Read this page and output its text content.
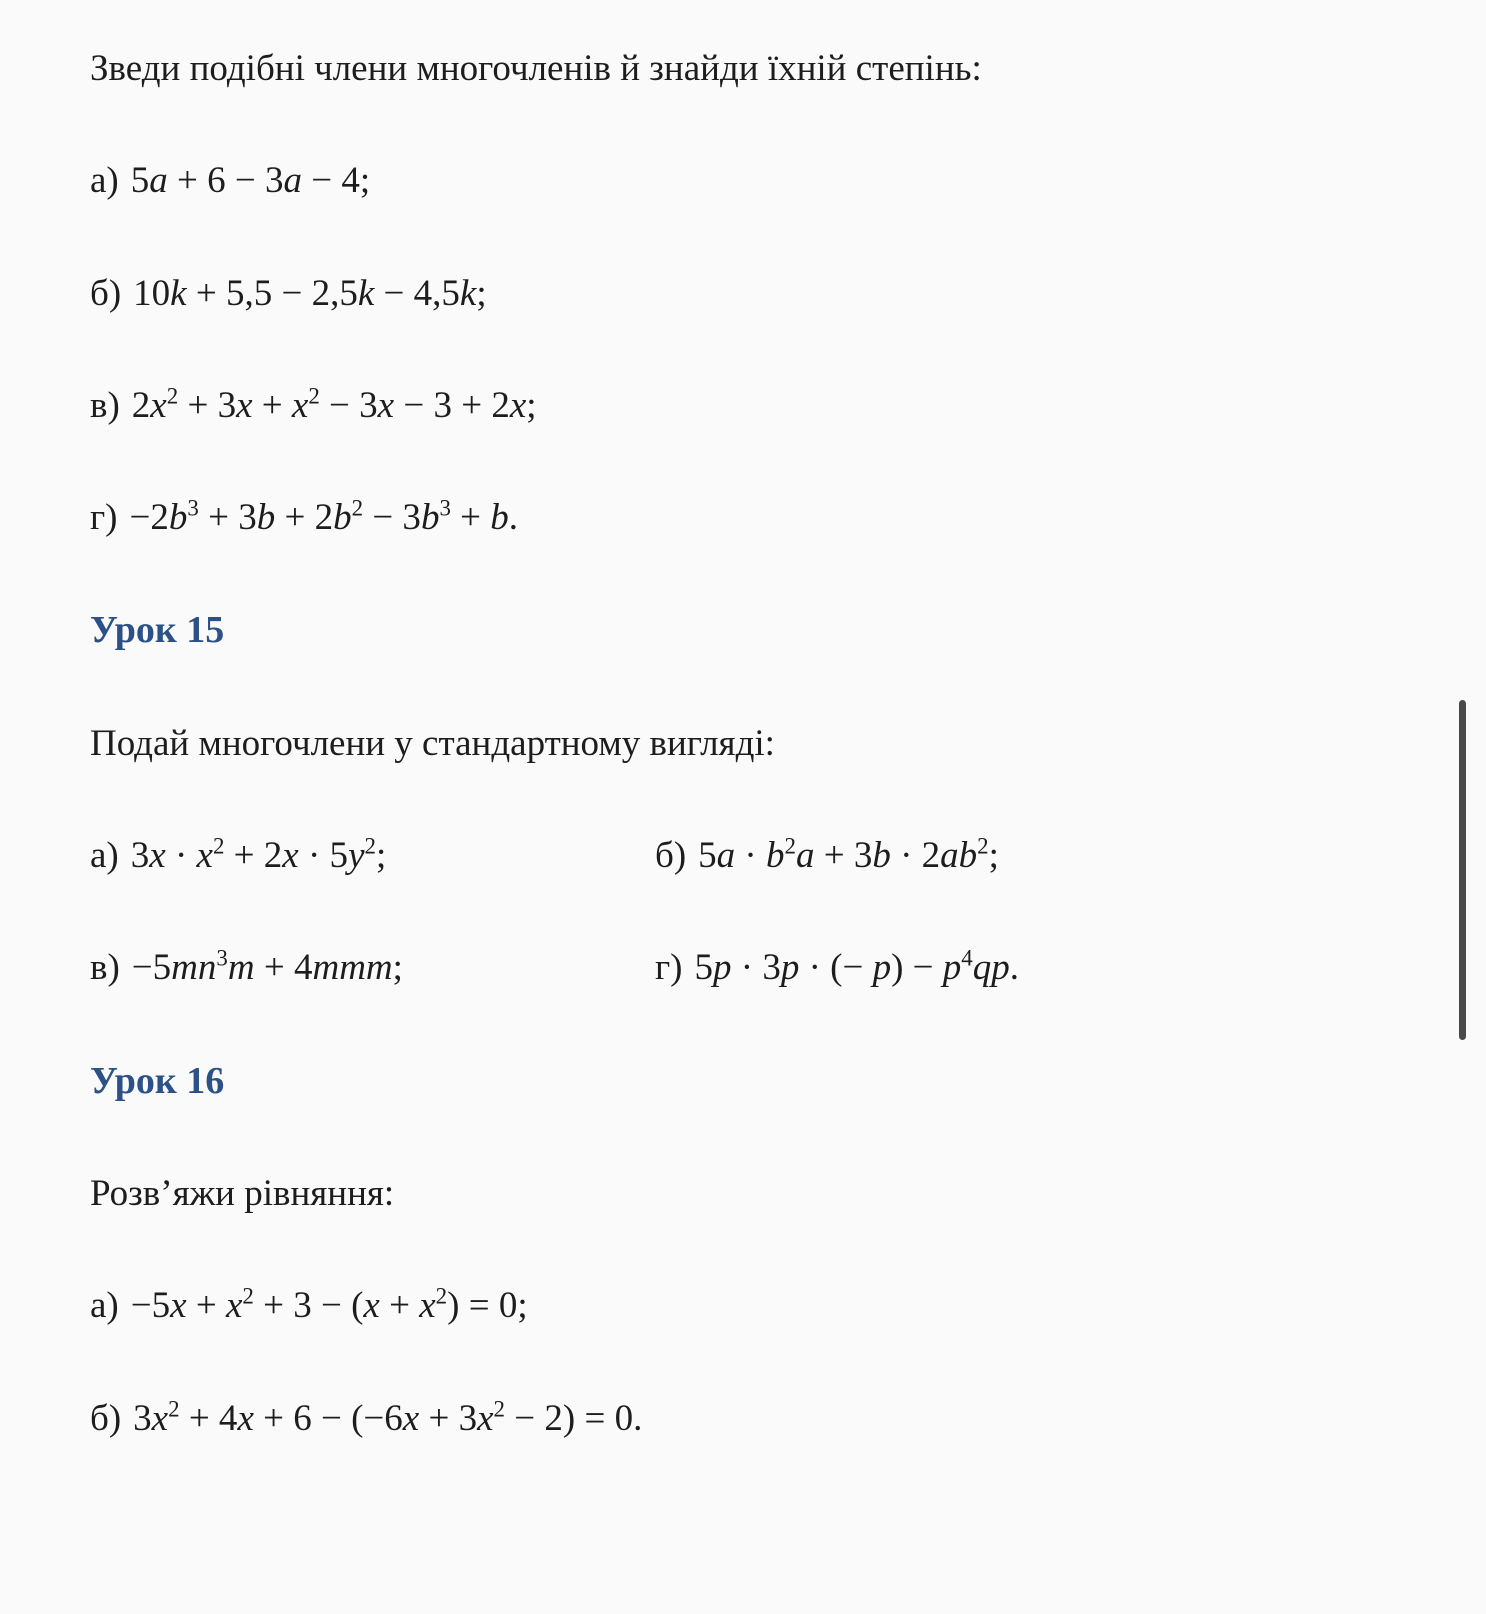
Зведи подібні члени многочленів й знайди їхній степінь:

а) 5a + 6 − 3a − 4;

б) 10k + 5,5 − 2,5k − 4,5k;

в) $2x^2 + 3x + x^2 - 3x - 3 + 2x$;

$г) -2b^3 + 3b + 2b^2 - 3b^3 + b$.

Урок 15

Подай многочлени у стандартному вигляді:

а) $3x \cdot x^2 + 2x \cdot 5y^2$;	б) $5a \cdot b^2a + 3b \cdot 2ab^2$;

$в) -5mn^3m + 4mmm$;	г) 5p · 3p · (− $p) - p^4qp$.

Урок 16

Розв’яжи рівняння:

$а) -5x + x^2 + 3 - (x + x^2) = 0$;

б) $3x^2 + 4x + 6 - (-6x + 3x^2 - 2) = 0$.
